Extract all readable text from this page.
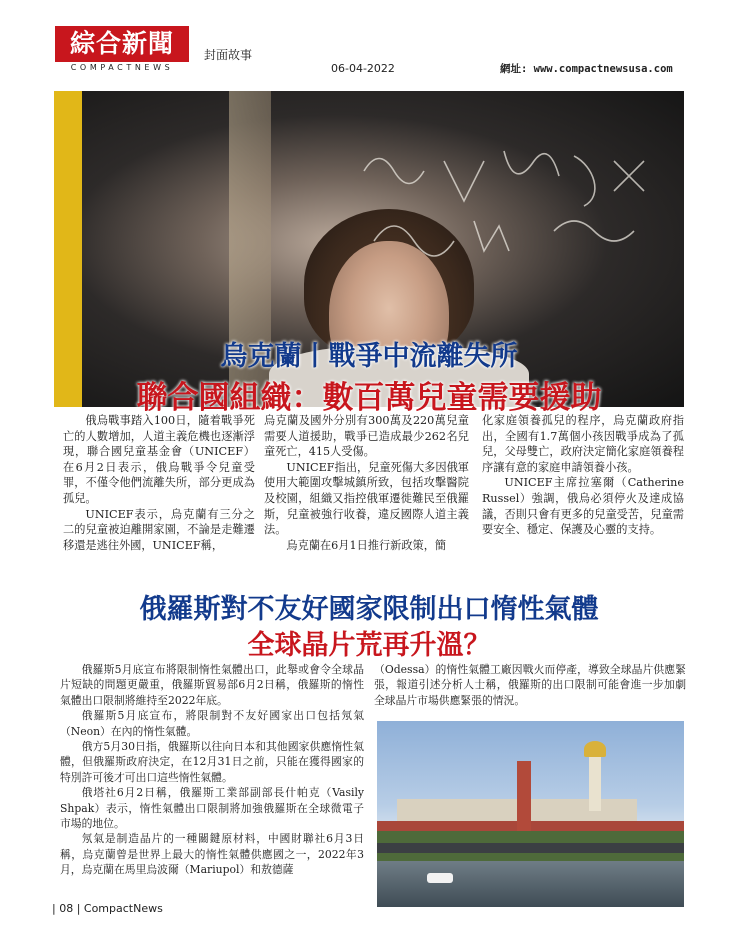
綜合新聞
COMPACTNEWS
封面故事
06-04-2022	網址: www.compactnewsusa.com
烏克蘭丨戰爭中流離失所
聯合國組織：數百萬兒童需要援助

俄烏戰事踏入100日，隨着戰爭死亡的人數增加，人道主義危機也逐漸浮現，聯合國兒童基金會（UNICEF）在6月2日表示，俄烏戰爭令兒童受罪，不僅令他們流離失所，部分更成為孤兒。

UNICEF表示，烏克蘭有三分之二的兒童被迫離開家園，不論是走難遷移還是逃往外國，UNICEF稱，

烏克蘭及國外分別有300萬及220萬兒童需要人道援助，戰爭已造成最少262名兒童死亡，415人受傷。

UNICEF指出，兒童死傷大多因俄軍使用大範圍攻擊城鎮所致，包括攻擊醫院及校園，組織又指控俄軍遷徙難民至俄羅斯，兒童被強行收養，違反國際人道主義法。

烏克蘭在6月1日推行新政策，簡

化家庭領養孤兒的程序，烏克蘭政府指出，全國有1.7萬個小孩因戰爭成為了孤兒，父母雙亡，政府決定簡化家庭領養程序讓有意的家庭申請領養小孩。

UNICEF主席拉塞爾（Catherine Russel）強調，俄烏必須停火及達成協議，否則只會有更多的兒童受苦，兒童需要安全、穩定、保護及心靈的支持。

俄羅斯對不友好國家限制出口惰性氣體
全球晶片荒再升溫？

俄羅斯5月底宣布將限制惰性氣體出口，此舉或會令全球晶片短缺的問題更嚴重，俄羅斯貿易部6月2日稱，俄羅斯的惰性氣體出口限制將維持至2022年底。

俄羅斯5月底宣布，將限制對不友好國家出口包括氖氣（Neon）在內的惰性氣體。

俄方5月30日指，俄羅斯以往向日本和其他國家供應惰性氣體，但俄羅斯政府決定，在12月31日之前，只能在獲得國家的特別許可後才可出口這些惰性氣體。

俄塔社6月2日稱，俄羅斯工業部副部長什帕克（Vasily Shpak）表示，惰性氣體出口限制將加強俄羅斯在全球微電子市場的地位。

氖氣是制造晶片的一種關鍵原材料，中國財聯社6月3日稱，烏克蘭曾是世界上最大的惰性氣體供應國之一，2022年3月，烏克蘭在馬里烏波爾（Mariupol）和敖德薩

（Odessa）的惰性氣體工廠因戰火而停產，導致全球晶片供應緊張，報道引述分析人士稱，俄羅斯的出口限制可能會進一步加劇全球晶片市場供應緊張的情況。

| 08 | CompactNews
